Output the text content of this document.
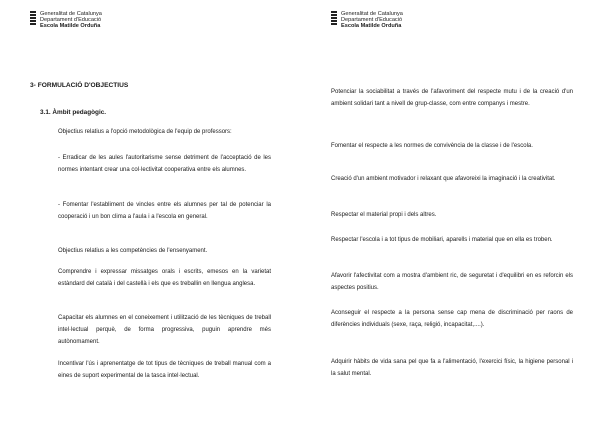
Generalitat de Catalunya
Departament d'Educació
Escola Matilde Orduña
3- FORMULACIÓ D'OBJECTIUS
3.1. Àmbit pedagògic.

Objectius relatius a l'opció metodològica de l'equip de professors:

- Erradicar de les aules l'autoritarisme sense detriment de l'acceptació de les normes intentant crear una col·lectivitat cooperativa entre els alumnes.

- Fomentar l'establiment de vincles entre els alumnes per tal de potenciar la cooperació i un bon clima a l'aula i a l'escola en general.

Objectius relatius a les competències de l'ensenyament.

Comprendre i expressar missatges orals i escrits, emesos en la varietat estàndard del català i del castellà i els que es treballin en llengua anglesa.

Capacitar els alumnes en el coneixement i utilització de les tècniques de treball intel·lectual perquè, de forma progressiva, puguin aprendre més autònomament.

Incentivar l'ús i aprenentatge de tot tipus de tècniques de treball manual com a eines de suport experimental de la tasca intel·lectual.

Generalitat de Catalunya
Departament d'Educació
Escola Matilde Orduña

Potenciar la sociabilitat a través de l'afavoriment del respecte mutu i de la creació d'un ambient solidari tant a nivell de grup-classe, com entre companys i mestre.

Fomentar el respecte a les normes de convivència de la classe i de l'escola.

Creació d'un ambient motivador i relaxant que afavoreixi la imaginació i la creativitat.

Respectar el material propi i dels altres.

Respectar l'escola i a tot tipus de mobiliari, aparells i material que en ella es troben.

Afavorir l'afectivitat com a mostra d'ambient ric, de seguretat i d'equilibri en es reforcin els aspectes positius.

Aconseguir el respecte a la persona sense cap mena de discriminació per raons de diferències individuals (sexe, raça, religió, incapacitat,....).

Adquirir hàbits de vida sana pel que fa a l'alimentació, l'exercici físic, la higiene personal i la salut mental.
